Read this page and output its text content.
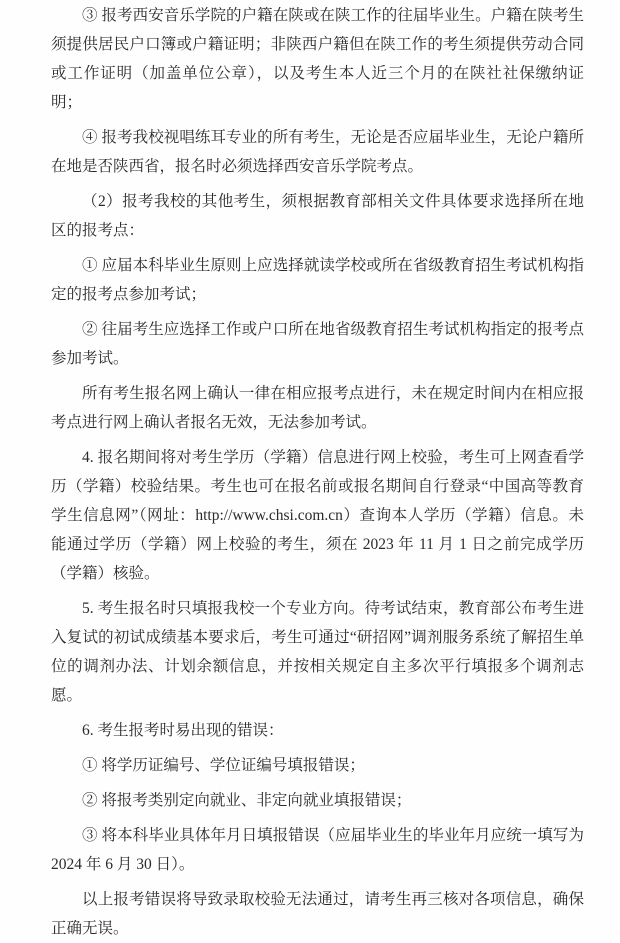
③ 报考西安音乐学院的户籍在陕或在陕工作的往届毕业生。户籍在陕考生须提供居民户口簿或户籍证明；非陕西户籍但在陕工作的考生须提供劳动合同或工作证明（加盖单位公章），以及考生本人近三个月的在陕社社保缴纳证明；

④ 报考我校视唱练耳专业的所有考生，无论是否应届毕业生，无论户籍所在地是否陕西省，报名时必须选择西安音乐学院考点。

（2）报考我校的其他考生，须根据教育部相关文件具体要求选择所在地区的报考点：

① 应届本科毕业生原则上应选择就读学校或所在省级教育招生考试机构指定的报考点参加考试；

② 往届考生应选择工作或户口所在地省级教育招生考试机构指定的报考点参加考试。

所有考生报名网上确认一律在相应报考点进行，未在规定时间内在相应报考点进行网上确认者报名无效，无法参加考试。

4. 报名期间将对考生学历（学籍）信息进行网上校验，考生可上网查看学历（学籍）校验结果。考生也可在报名前或报名期间自行登录“中国高等教育学生信息网”（网址：http://www.chsi.com.cn）查询本人学历（学籍）信息。未能通过学历（学籍）网上校验的考生，须在 2023 年 11 月 1 日之前完成学历（学籍）核验。

5. 考生报名时只填报我校一个专业方向。待考试结束，教育部公布考生进入复试的初试成绩基本要求后，考生可通过“研招网”调剂服务系统了解招生单位的调剂办法、计划余额信息，并按相关规定自主多次平行填报多个调剂志愿。

6. 考生报考时易出现的错误：

① 将学历证编号、学位证编号填报错误；

② 将报考类别定向就业、非定向就业填报错误；

③ 将本科毕业具体年月日填报错误（应届毕业生的毕业年月应统一填写为 2024 年 6 月 30 日）。

以上报考错误将导致录取校验无法通过，请考生再三核对各项信息，确保正确无误。
